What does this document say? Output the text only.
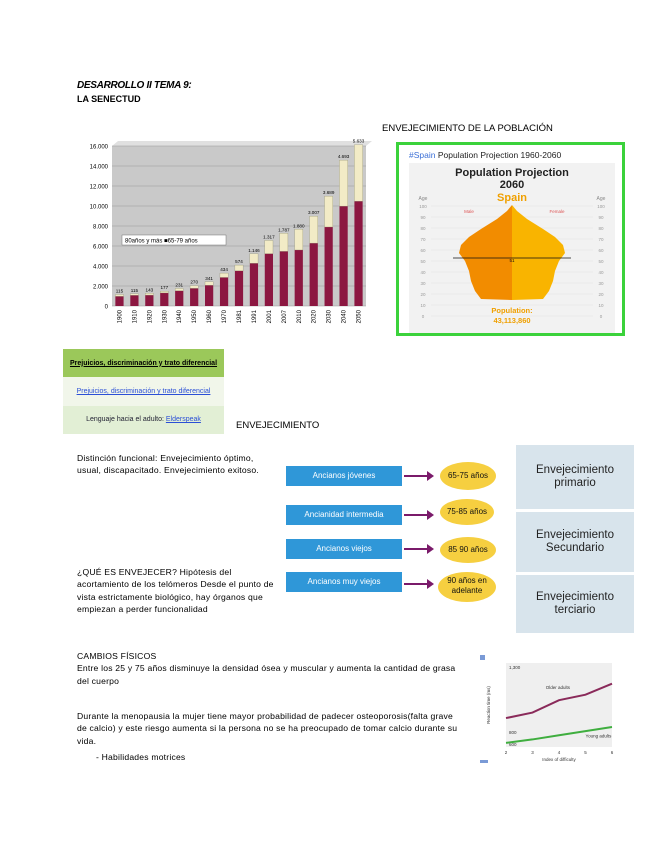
DESARROLLO II TEMA 9:
LA SENECTUD
ENVEJECIMIENTO DE LA POBLACIÓN
0
2.000
4.000
6.000
8.000
10.000
12.000
14.000
16.000
115
1900
115
1910
143
1920
177
1930
231
1940
270
1950
341
1960
434
1970
574
1981
1.146
1991
1.317
2001
1.787
2007
1.880
2010
3.007
2020
3.689
2030
4.693
2040
5.633
2050
80años y más ■65-79 años
#Spain Population Projection 1960-2060
Population Projection
2060
Spain
Age	Age
Male	Female
100	100
90	90
80	80
70	70
60	60
50	50
40	40
30	30
20	20
10	10
0	0
51
Population:
43,113,860
Prejuicios, discriminación y trato diferencial
Prejuicios, discriminación y trato diferencial
Lenguaje hacia el adulto: Elderspeak
ENVEJECIMIENTO
Distinción funcional: Envejecimiento óptimo, usual, discapacitado. Envejecimiento exitoso.
¿QUÉ ES ENVEJECER? Hipótesis del acortamiento de los telómeros Desde el punto de vista estrictamente biológico, hay órganos que empiezan a perder funcionalidad
CAMBIOS FÍSICOS
Entre los 25 y 75 años disminuye la densidad ósea y muscular y aumenta la cantidad de grasa del cuerpo
Durante la menopausia la mujer tiene mayor probabilidad de padecer osteoporosis(falta grave de calcio) y este riesgo aumenta si la persona no se ha preocupado de tomar calcio durante su vida.
- Habilidades motrices
Ancianos jóvenes	65-75 años
Ancianidad intermedia	75-85 años
Ancianos viejos	85 90 años
Ancianos muy viejos	90 años en adelante
Envejecimiento primario
Envejecimiento Secundario
Envejecimiento terciario
1,300
800
600
Reaction time (ms)	Older adults
Young adults
2	3	4	5	6
Index of difficulty
